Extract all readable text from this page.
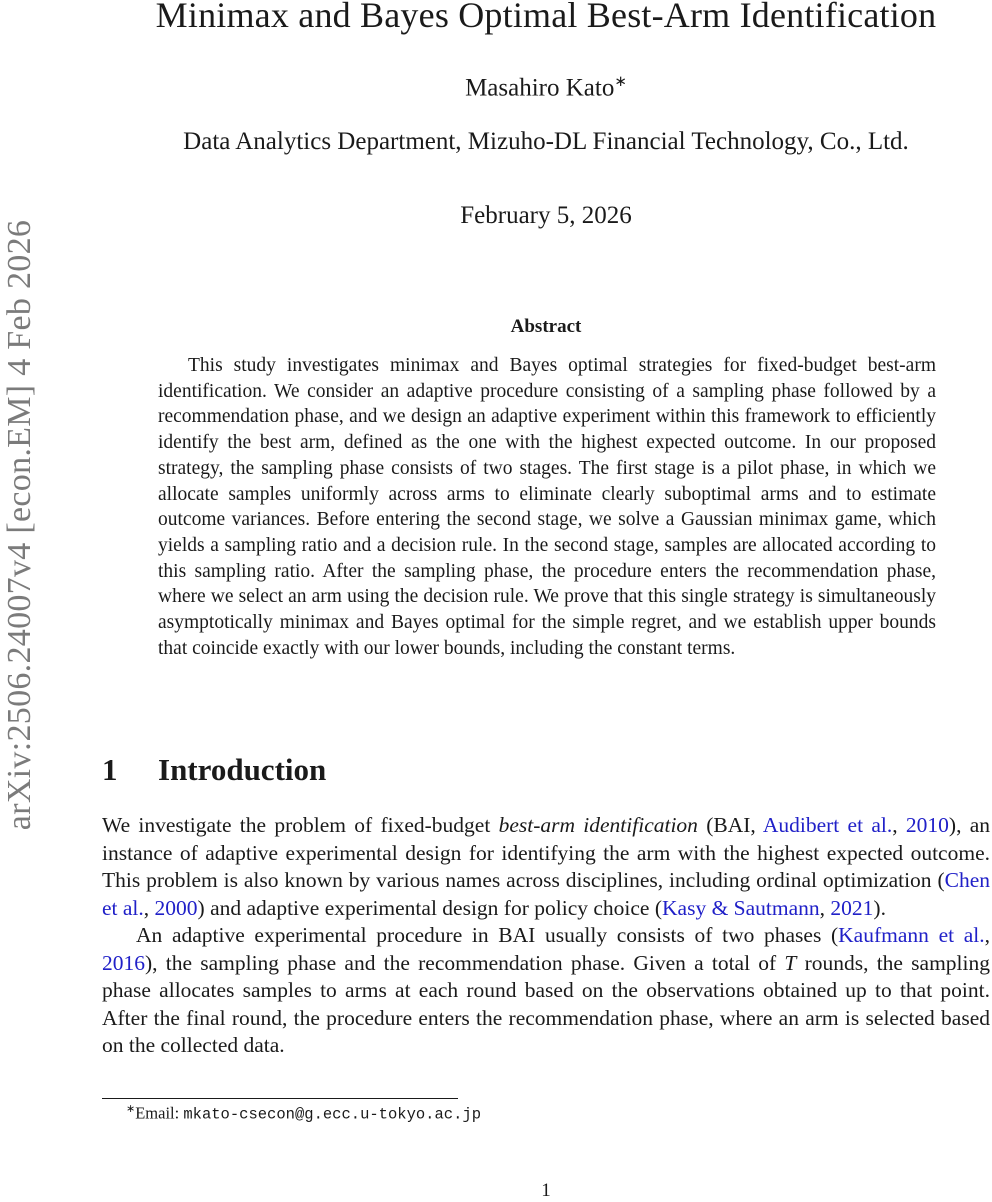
arXiv:2506.24007v4 [econ.EM] 4 Feb 2026
Minimax and Bayes Optimal Best-Arm Identification
Masahiro Kato∗
Data Analytics Department, Mizuho-DL Financial Technology, Co., Ltd.
February 5, 2026
Abstract

This study investigates minimax and Bayes optimal strategies for fixed-budget best-arm identification. We consider an adaptive procedure consisting of a sampling phase followed by a recommendation phase, and we design an adaptive experiment within this framework to efficiently identify the best arm, defined as the one with the highest expected outcome. In our proposed strategy, the sampling phase consists of two stages. The first stage is a pilot phase, in which we allocate samples uniformly across arms to eliminate clearly suboptimal arms and to estimate outcome variances. Before entering the second stage, we solve a Gaussian minimax game, which yields a sampling ratio and a decision rule. In the second stage, samples are allocated according to this sampling ratio. After the sampling phase, the procedure enters the recommendation phase, where we select an arm using the decision rule. We prove that this single strategy is simultaneously asymptotically minimax and Bayes optimal for the simple regret, and we establish upper bounds that coincide exactly with our lower bounds, including the constant terms.

1 Introduction

We investigate the problem of fixed-budget best-arm identification (BAI, Audibert et al., 2010), an instance of adaptive experimental design for identifying the arm with the highest expected outcome. This problem is also known by various names across disciplines, including ordinal optimization (Chen et al., 2000) and adaptive experimental design for policy choice (Kasy & Sautmann, 2021).

An adaptive experimental procedure in BAI usually consists of two phases (Kaufmann et al., 2016), the sampling phase and the recommendation phase. Given a total of T rounds, the sampling phase allocates samples to arms at each round based on the observations obtained up to that point. After the final round, the procedure enters the recommendation phase, where an arm is selected based on the collected data.

∗Email: mkato-csecon@g.ecc.u-tokyo.ac.jp
1
